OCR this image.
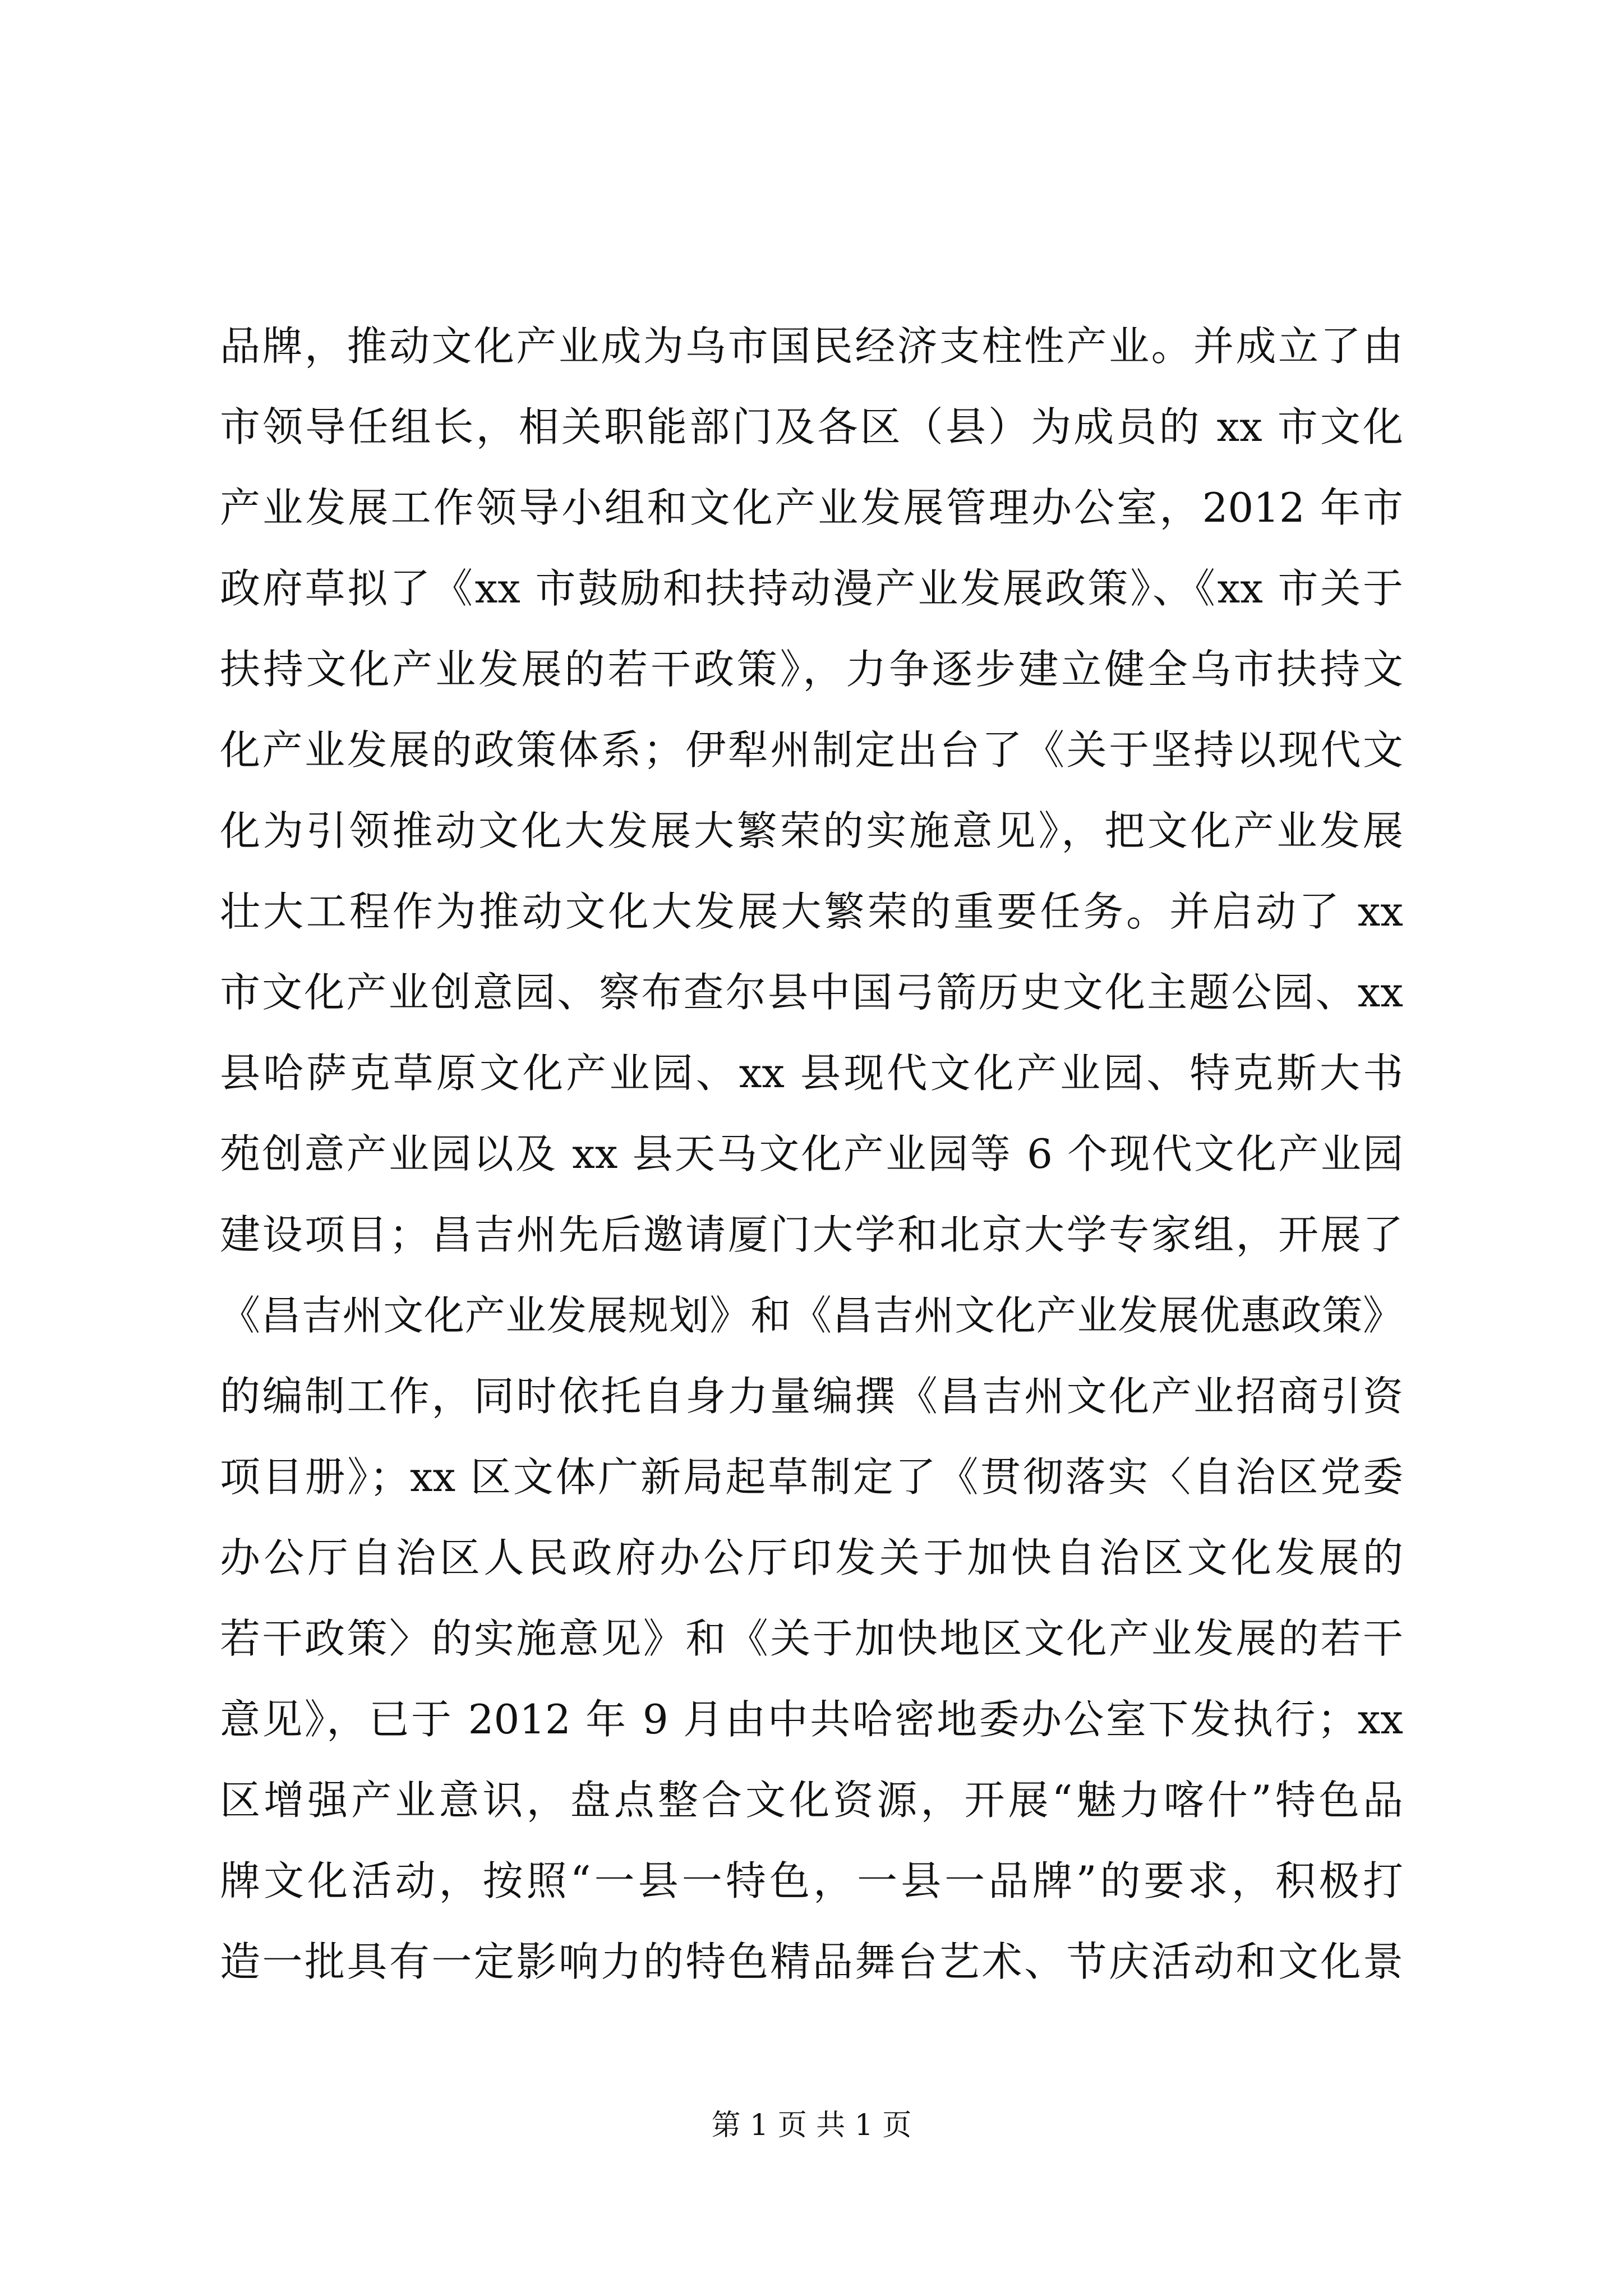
品牌，推动文化产业成为乌市国民经济支柱性产业。并成立了由
市领导任组长，相关职能部门及各区（县）为成员的 xx 市文化
产业发展工作领导小组和文化产业发展管理办公室，2012 年市
政府草拟了《xx 市鼓励和扶持动漫产业发展政策》、《xx 市关于
扶持文化产业发展的若干政策》，力争逐步建立健全乌市扶持文
化产业发展的政策体系；伊犁州制定出台了《关于坚持以现代文
化为引领推动文化大发展大繁荣的实施意见》，把文化产业发展
壮大工程作为推动文化大发展大繁荣的重要任务。并启动了 xx
市文化产业创意园、察布查尔县中国弓箭历史文化主题公园、xx
县哈萨克草原文化产业园、xx 县现代文化产业园、特克斯大书
苑创意产业园以及 xx 县天马文化产业园等 6 个现代文化产业园
建设项目；昌吉州先后邀请厦门大学和北京大学专家组，开展了
《昌吉州文化产业发展规划》和《昌吉州文化产业发展优惠政策》
的编制工作，同时依托自身力量编撰《昌吉州文化产业招商引资
项目册》；xx 区文体广新局起草制定了《贯彻落实〈自治区党委
办公厅自治区人民政府办公厅印发关于加快自治区文化发展的
若干政策〉的实施意见》和《关于加快地区文化产业发展的若干
意见》，已于 2012 年 9 月由中共哈密地委办公室下发执行；xx
区增强产业意识，盘点整合文化资源，开展“魅力喀什”特色品
牌文化活动，按照“一县一特色，一县一品牌”的要求，积极打
造一批具有一定影响力的特色精品舞台艺术、节庆活动和文化景
第 1 页 共 1 页
